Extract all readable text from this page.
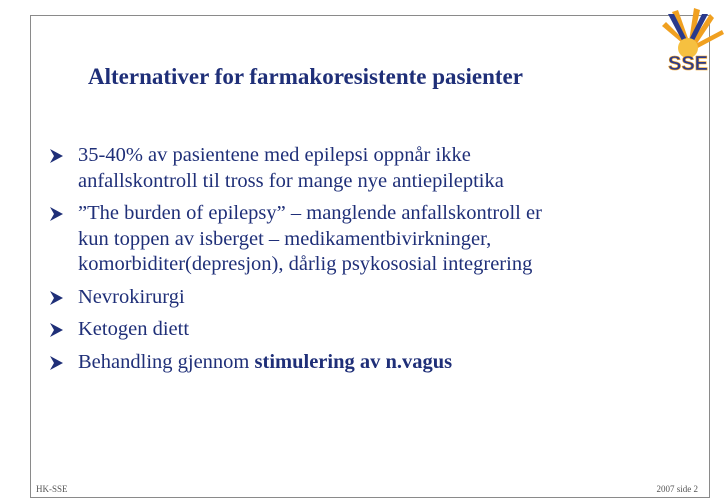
SSE
Alternativer for farmakoresistente pasienter
35-40% av pasientene med epilepsi oppnår ikke
anfallskontroll til tross for mange nye antiepileptika
”The burden of epilepsy” – manglende anfallskontroll er
kun toppen av isberget – medikamentbivirkninger,
komorbiditer(depresjon), dårlig psykososial integrering
Nevrokirurgi
Ketogen diett
Behandling gjennom stimulering av n.vagus
HK-SSE	2007 side 2
